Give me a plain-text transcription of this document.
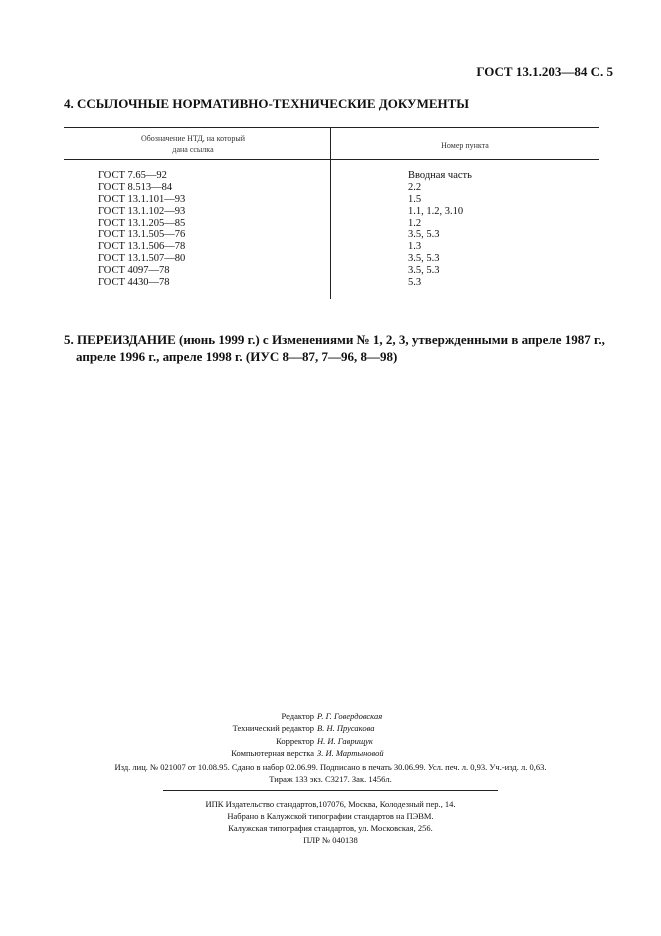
ГОСТ 13.1.203—84 С. 5
4. ССЫЛОЧНЫЕ НОРМАТИВНО-ТЕХНИЧЕСКИЕ ДОКУМЕНТЫ
Обозначение НТД, на который
дана ссылка	Номер пункта
ГОСТ 7.65—92
ГОСТ 8.513—84
ГОСТ 13.1.101—93
ГОСТ 13.1.102—93
ГОСТ 13.1.205—85
ГОСТ 13.1.505—76
ГОСТ 13.1.506—78
ГОСТ 13.1.507—80
ГОСТ 4097—78
ГОСТ 4430—78
Вводная часть
2.2
1.5
1.1, 1.2, 3.10
1.2
3.5, 5.3
1.3
3.5, 5.3
3.5, 5.3
5.3
5. ПЕРЕИЗДАНИЕ (июнь 1999 г.) с Изменениями № 1, 2, 3, утвержденными в апреле 1987 г.,
апреле 1996 г., апреле 1998 г. (ИУС 8—87, 7—96, 8—98)
Редактор Р. Г. Говердовская
Технический редактор В. Н. Прусакова
Корректор Н. И. Гаврищук
Компьютерная верстка З. И. Мартыновой
Изд. лиц. № 021007 от 10.08.95. Сдано в набор 02.06.99. Подписано в печать 30.06.99. Усл. печ. л. 0,93. Уч.-изд. л. 0,63.
Тираж 133 экз. С3217. Зак. 1456л.
ИПК Издательство стандартов,107076, Москва, Колодезный пер., 14.
Набрано в Калужской типографии стандартов на ПЭВМ.
Калужская типография стандартов, ул. Московская, 256.
ПЛР № 040138
